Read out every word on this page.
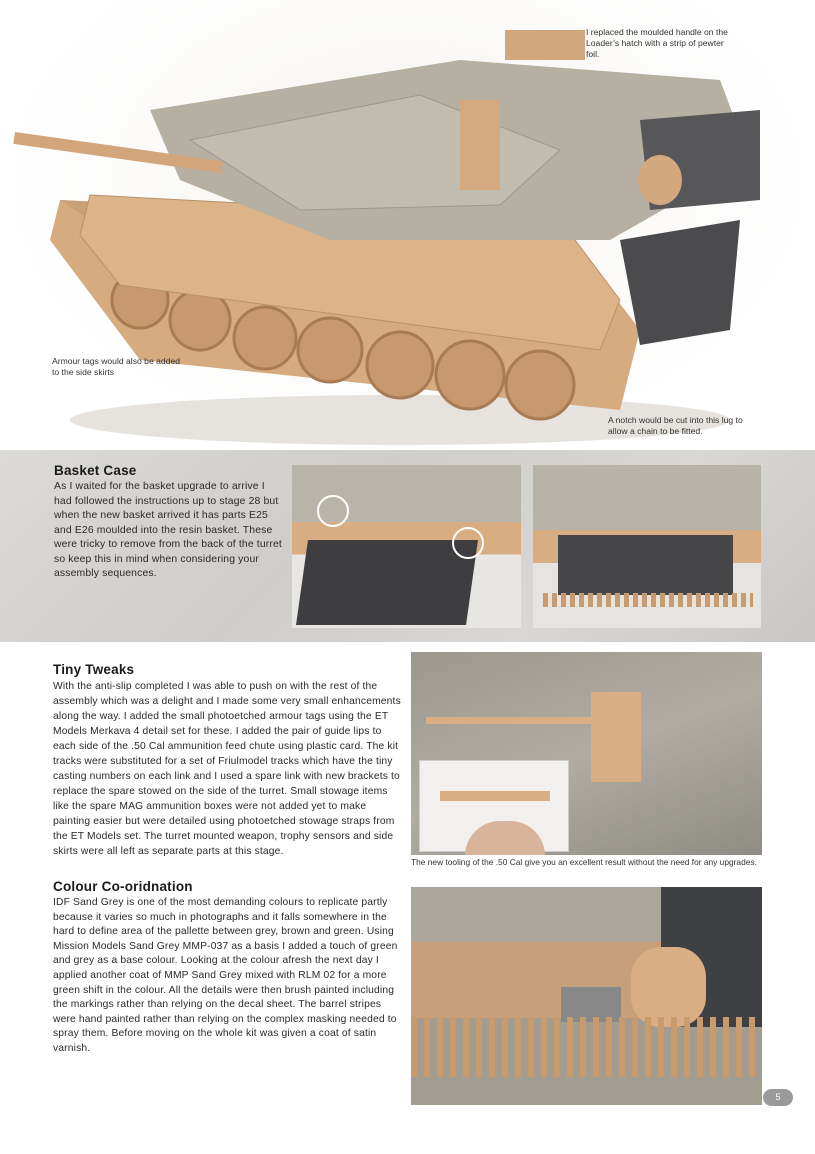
I replaced the moulded handle on the Loader’s hatch with a strip of pewter foil.
Armour tags would also be added to the side skirts
A notch would be cut into this lug to allow a chain to be fitted.
Basket Case

As I waited for the basket upgrade to arrive I had followed the instructions up to stage 28 but when the new basket arrived it has parts E25 and E26 moulded into the resin basket. These were tricky to remove from the back of the turret so keep this in mind when considering your assembly sequences.

Tiny Tweaks

With the anti-slip completed I was able to push on with the rest of the assembly which was a delight and I made some very small enhancements along the way. I added the small photoetched armour tags using the ET Models Merkava 4 detail set for these. I added the pair of guide lips to each side of the .50 Cal ammunition feed chute using plastic card. The kit tracks were substituted for a set of Friulmodel tracks which have the tiny casting numbers on each link and I used a spare link with new brackets to replace the spare stowed on the side of the turret. Small stowage items like the spare MAG ammunition boxes were not added yet to make painting easier but were detailed using photoetched stowage straps from the ET Models set. The turret mounted weapon, trophy sensors and side skirts were all left as separate parts at this stage.

Colour Co-oridnation

IDF Sand Grey is one of the most demanding colours to replicate partly because it varies so much in photographs and it falls somewhere in the hard to define area of the pallette between grey, brown and green. Using Mission Models Sand Grey MMP-037 as a basis I added a touch of green and grey as a base colour. Looking at the colour afresh the next day I applied another coat of MMP Sand Grey mixed with RLM 02 for a more green shift in the colour. All the details were then brush painted including the markings rather than relying on the decal sheet. The barrel stripes were hand painted rather than relying on the complex masking needed to spray them. Before moving on the whole kit was given a coat of satin varnish.

The new tooling of the .50 Cal give you an excellent result without the need for any upgrades.
5
